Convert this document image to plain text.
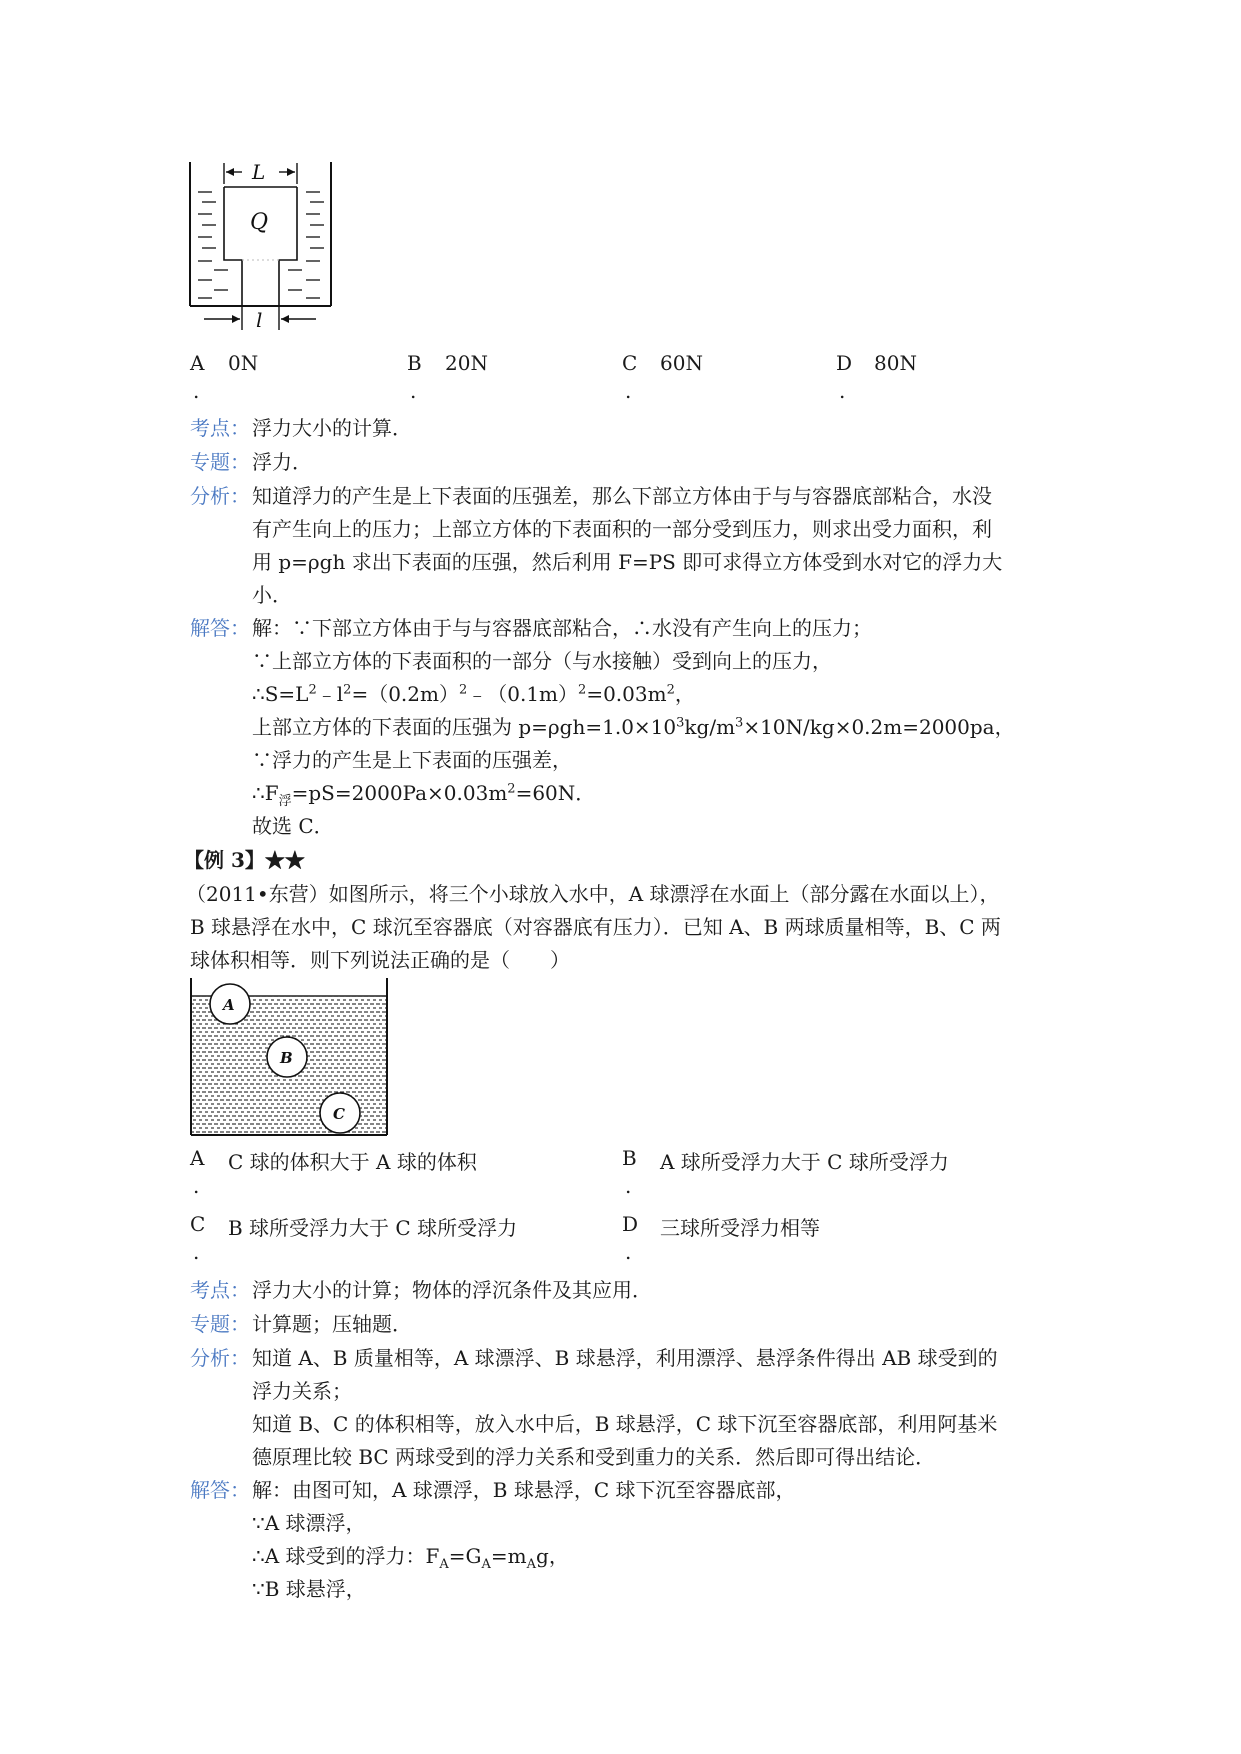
L
Q
l
A 0N
.
B 20N
.
C 60N
.
D 80N
.
考点： 浮力大小的计算．
专题： 浮力．
分析： 知道浮力的产生是上下表面的压强差，那么下部立方体由于与与容器底部粘合，水没
有产生向上的压力；上部立方体的下表面积的一部分受到压力，则求出受力面积，利
用 p=ρgh 求出下表面的压强，然后利用 F=PS 即可求得立方体受到水对它的浮力大
小．
解答： 解：∵下部立方体由于与与容器底部粘合，∴水没有产生向上的压力；
∵上部立方体的下表面积的一部分（与水接触）受到向上的压力，
$\therefore S=L^2﹣l^2=(0.2m)^2﹣(0.1m)^2=0.03m^2$，
上部立方体的下表面的压强为 $p=\rho gh=1.0\times 10^3kg/m^3\times 10N/kg\times 0.2m=2000pa$，
∵浮力的产生是上下表面的压强差，
$\therefore F_浮=pS=2000Pa\times 0.03m^2=60N$．
故选 C．
【例 3】★★
（2011•东营）如图所示，将三个小球放入水中，A 球漂浮在水面上（部分露在水面以上），
B 球悬浮在水中，C 球沉至容器底（对容器底有压力）．已知 A、B 两球质量相等，B、C 两
球体积相等．则下列说法正确的是（　　）
A
B
C
A C 球的体积大于 A 球的体积
.
B A 球所受浮力大于 C 球所受浮力
.
C B 球所受浮力大于 C 球所受浮力
.
D 三球所受浮力相等
.
考点： 浮力大小的计算；物体的浮沉条件及其应用．
专题： 计算题；压轴题．
分析： 知道 A、B 质量相等，A 球漂浮、B 球悬浮，利用漂浮、悬浮条件得出 AB 球受到的
浮力关系；
知道 B、C 的体积相等，放入水中后，B 球悬浮，C 球下沉至容器底部，利用阿基米
德原理比较 BC 两球受到的浮力关系和受到重力的关系．然后即可得出结论．
解答： 解：由图可知，A 球漂浮，B 球悬浮，C 球下沉至容器底部，
∵A 球漂浮，
∴A 球受到的浮力：$F_A=G_A=m_Ag$，
∵B 球悬浮，
